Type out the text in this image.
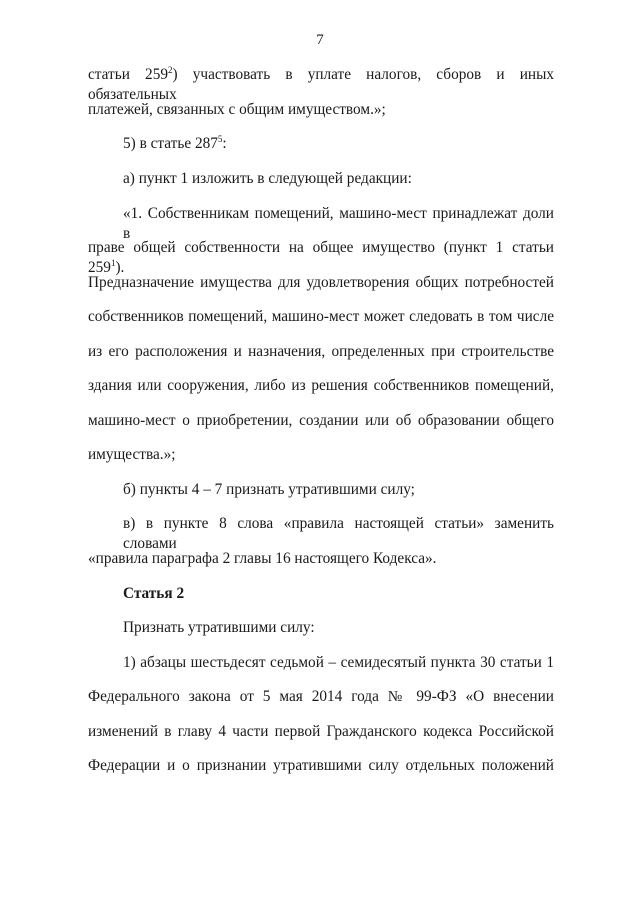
7
статьи $259^2$) участвовать в уплате налогов, сборов и иных обязательных
платежей, связанных с общим имуществом.»;
5) в статье $287^5$:
а) пункт 1 изложить в следующей редакции:
«1. Собственникам помещений, машино-мест принадлежат доли в
праве общей собственности на общее имущество (пункт 1 статьи $259^1$).
Предназначение имущества для удовлетворения общих потребностей
собственников помещений, машино-мест может следовать в том числе
из его расположения и назначения, определенных при строительстве
здания или сооружения, либо из решения собственников помещений,
машино-мест о приобретении, создании или об образовании общего
имущества.»;
б) пункты 4 – 7 признать утратившими силу;
в) в пункте 8 слова «правила настоящей статьи» заменить словами
«правила параграфа 2 главы 16 настоящего Кодекса».
Статья 2
Признать утратившими силу:
1) абзацы шестьдесят седьмой – семидесятый пункта 30 статьи 1
Федерального закона от 5 мая 2014 года № 99-ФЗ «О внесении
изменений в главу 4 части первой Гражданского кодекса Российской
Федерации и о признании утратившими силу отдельных положений
